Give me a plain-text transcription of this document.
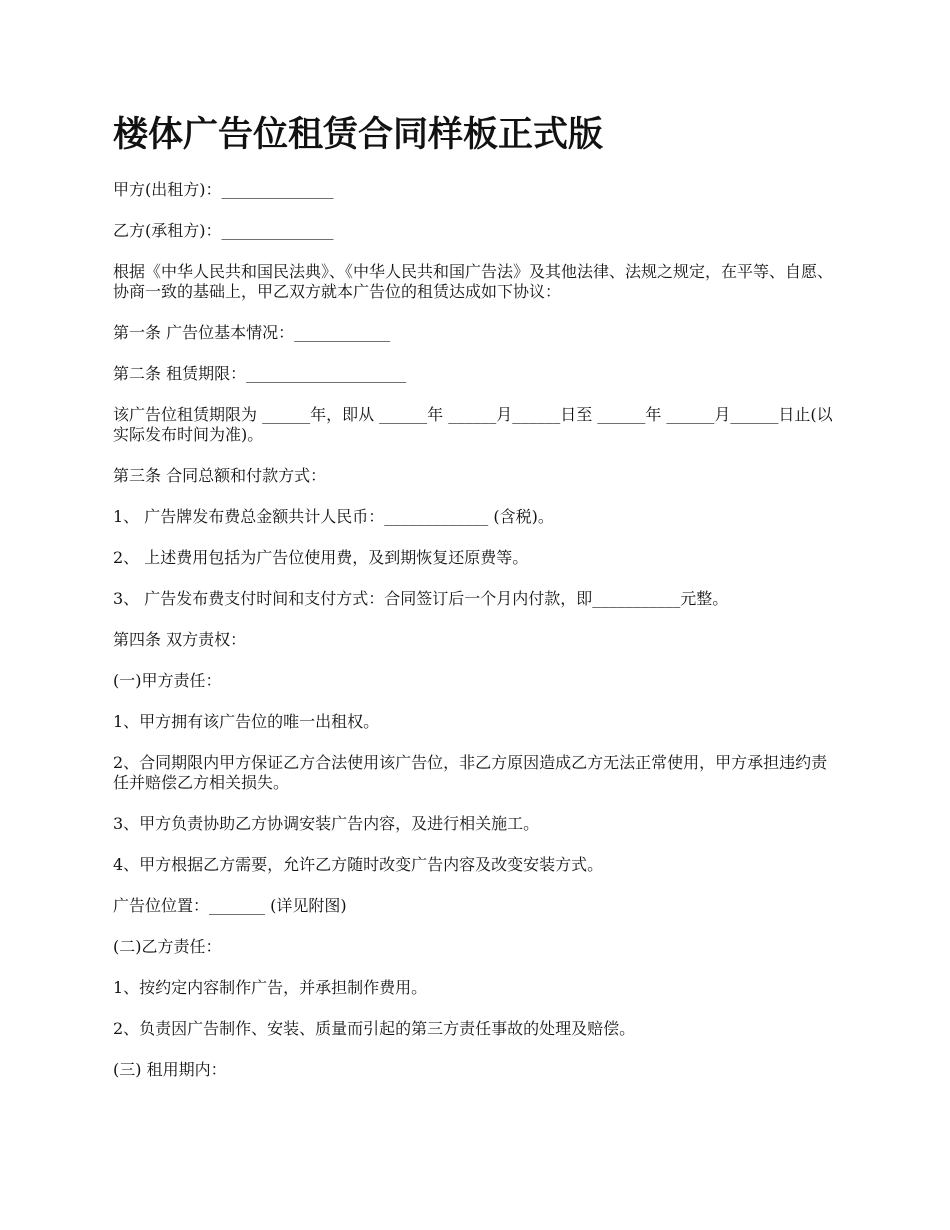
楼体广告位租赁合同样板正式版

甲方(出租方)：______________

乙方(承租方)：______________

根据《中华人民共和国民法典》、《中华人民共和国广告法》及其他法律、法规之规定，在平等、自愿、协商一致的基础上，甲乙双方就本广告位的租赁达成如下协议：

第一条 广告位基本情况：____________

第二条 租赁期限：____________________

该广告位租赁期限为 ______年，即从 ______年 ______月______日至 ______年 ______月______日止(以实际发布时间为准)。

第三条 合同总额和付款方式：

1、 广告牌发布费总金额共计人民币：_____________ (含税)。

2、 上述费用包括为广告位使用费，及到期恢复还原费等。

3、 广告发布费支付时间和支付方式：合同签订后一个月内付款，即___________元整。

第四条 双方责权：

(一)甲方责任：

1、甲方拥有该广告位的唯一出租权。

2、合同期限内甲方保证乙方合法使用该广告位，非乙方原因造成乙方无法正常使用，甲方承担违约责任并赔偿乙方相关损失。

3、甲方负责协助乙方协调安装广告内容，及进行相关施工。

4、甲方根据乙方需要，允许乙方随时改变广告内容及改变安装方式。

广告位位置：_______ (详见附图)

(二)乙方责任：

1、按约定内容制作广告，并承担制作费用。

2、负责因广告制作、安装、质量而引起的第三方责任事故的处理及赔偿。

(三) 租用期内：
